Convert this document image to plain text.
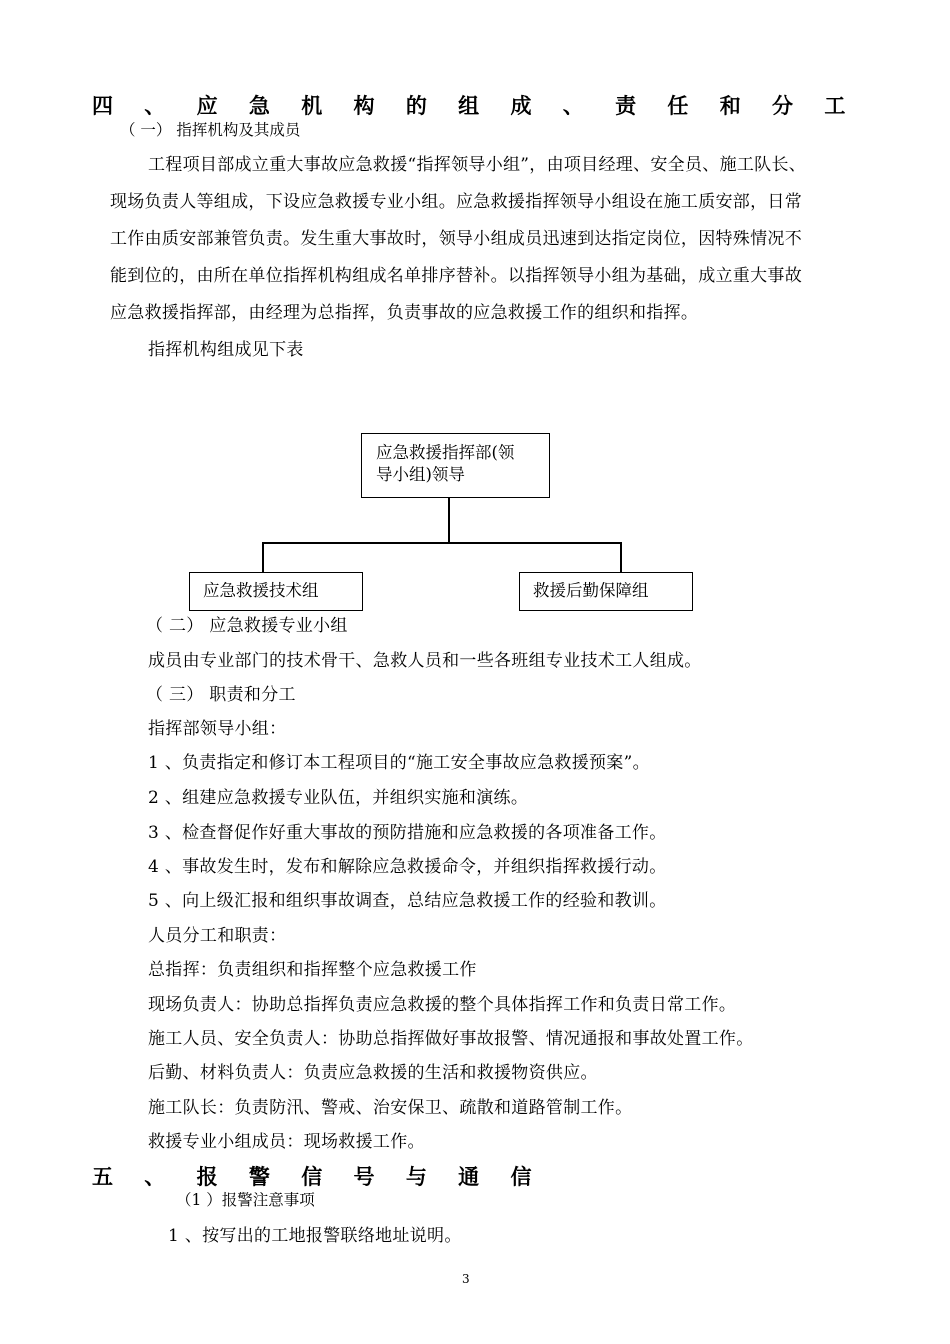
四 、 应 急 机 构 的 组 成 、 责 任 和 分 工
（ 一） 指挥机构及其成员
工程项目部成立重大事故应急救援“指挥领导小组”，由项目经理、安全员、施工队长、
现场负责人等组成，下设应急救援专业小组。应急救援指挥领导小组设在施工质安部，日常
工作由质安部兼管负责。发生重大事故时，领导小组成员迅速到达指定岗位，因特殊情况不
能到位的，由所在单位指挥机构组成名单排序替补。以指挥领导小组为基础，成立重大事故
应急救援指挥部，由经理为总指挥，负责事故的应急救援工作的组织和指挥。
指挥机构组成见下表
应急救援指挥部(领
导小组)领导
应急救援技术组	救援后勤保障组
（ 二） 应急救援专业小组
成员由专业部门的技术骨干、急救人员和一些各班组专业技术工人组成。
（ 三） 职责和分工
指挥部领导小组：
1 、负责指定和修订本工程项目的“施工安全事故应急救援预案”。
2 、组建应急救援专业队伍，并组织实施和演练。
3 、检查督促作好重大事故的预防措施和应急救援的各项准备工作。
4 、事故发生时，发布和解除应急救援命令，并组织指挥救援行动。
5 、向上级汇报和组织事故调查，总结应急救援工作的经验和教训。
人员分工和职责：
总指挥：负责组织和指挥整个应急救援工作
现场负责人：协助总指挥负责应急救援的整个具体指挥工作和负责日常工作。
施工人员、安全负责人：协助总指挥做好事故报警、情况通报和事故处置工作。
后勤、材料负责人：负责应急救援的生活和救援物资供应。
施工队长：负责防汛、警戒、治安保卫、疏散和道路管制工作。
救援专业小组成员：现场救援工作。
五 、 报 警 信 号 与 通 信
（1 ）报警注意事项
1 、按写出的工地报警联络地址说明。
3
